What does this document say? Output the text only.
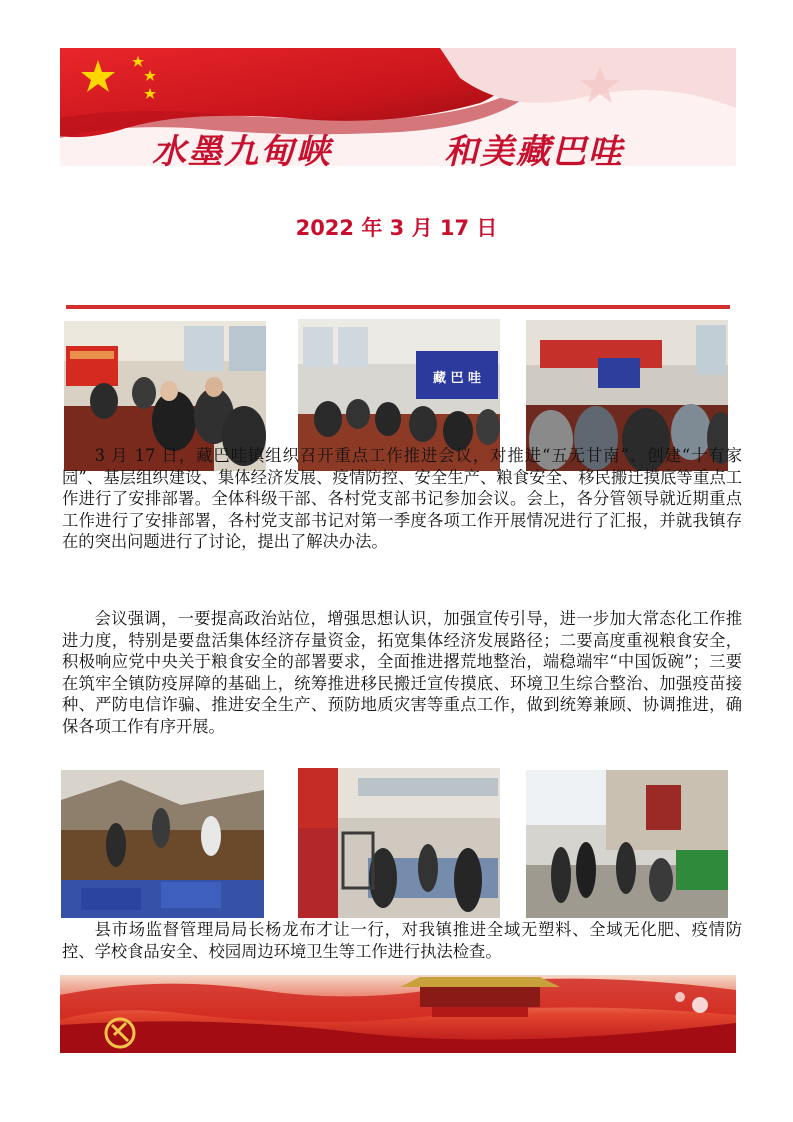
水墨九甸峡	和美藏巴哇
2022 年 3 月 17 日
藏 巴 哇

3 月 17 日，藏巴哇镇组织召开重点工作推进会议，对推进“五无甘南”、创建“十有家园”、基层组织建设、集体经济发展、疫情防控、安全生产、粮食安全、移民搬迁摸底等重点工作进行了安排部署。全体科级干部、各村党支部书记参加会议。会上，各分管领导就近期重点工作进行了安排部署，各村党支部书记对第一季度各项工作开展情况进行了汇报，并就我镇存在的突出问题进行了讨论，提出了解决办法。

会议强调，一要提高政治站位，增强思想认识，加强宣传引导，进一步加大常态化工作推进力度，特别是要盘活集体经济存量资金，拓宽集体经济发展路径；二要高度重视粮食安全，积极响应党中央关于粮食安全的部署要求，全面推进撂荒地整治，端稳端牢“中国饭碗”；三要在筑牢全镇防疫屏障的基础上，统筹推进移民搬迁宣传摸底、环境卫生综合整治、加强疫苗接种、严防电信诈骗、推进安全生产、预防地质灾害等重点工作，做到统筹兼顾、协调推进，确保各项工作有序开展。

县市场监督管理局局长杨龙布才让一行，对我镇推进全域无塑料、全域无化肥、疫情防控、学校食品安全、校园周边环境卫生等工作进行执法检查。
